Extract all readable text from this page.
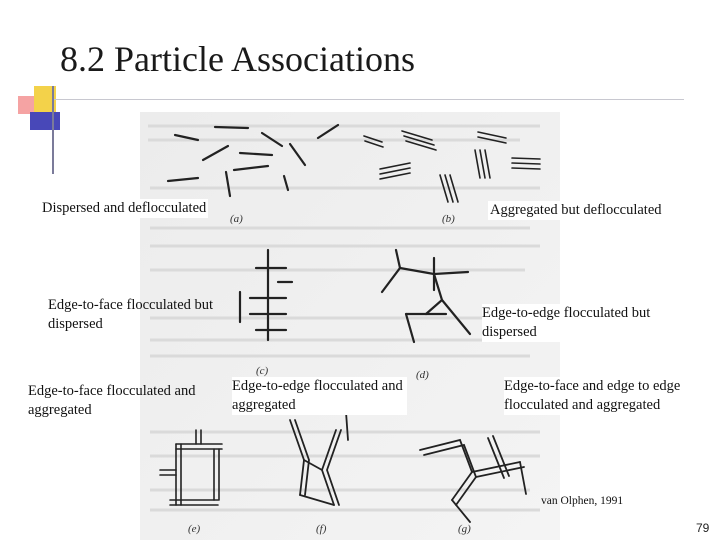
8.2 Particle Associations
(a)	(b)
(c)	(d)
(e)	(f)	(g)
Dispersed and deflocculated	Aggregated but deflocculated
Edge-to-face flocculated but dispersed
Edge-to-edge flocculated but dispersed
Edge-to-face flocculated and aggregated
Edge-to-edge flocculated and aggregated
Edge-to-face and edge to edge flocculated and aggregated
van Olphen, 1991
79
